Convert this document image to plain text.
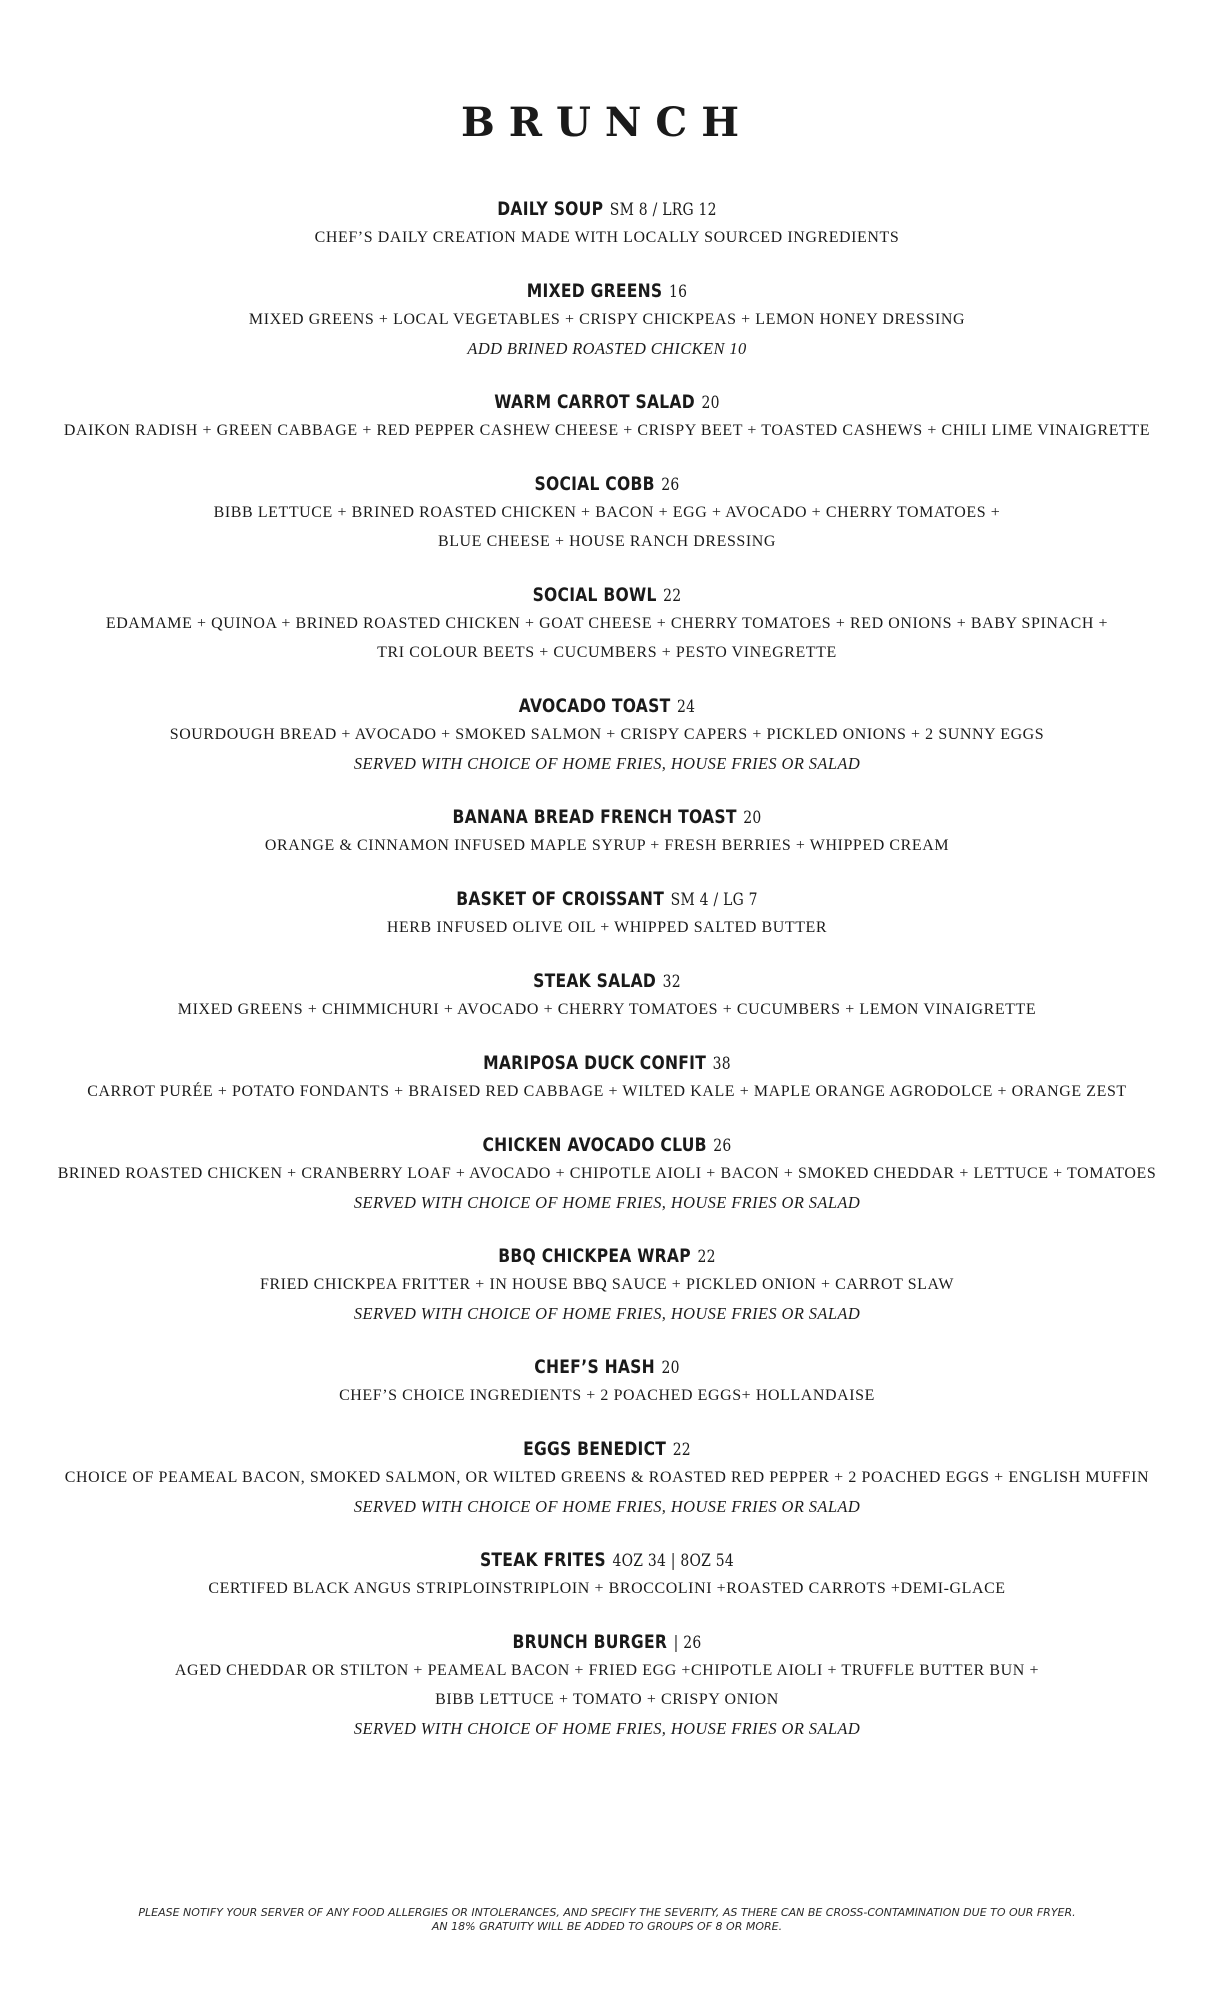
BRUNCH
DAILY SOUP SM 8 / LRG 12
CHEF’S DAILY CREATION MADE WITH LOCALLY SOURCED INGREDIENTS
MIXED GREENS 16
MIXED GREENS + LOCAL VEGETABLES + CRISPY CHICKPEAS + LEMON HONEY DRESSING
ADD BRINED ROASTED CHICKEN 10
WARM CARROT SALAD 20
DAIKON RADISH + GREEN CABBAGE + RED PEPPER CASHEW CHEESE + CRISPY BEET + TOASTED CASHEWS + CHILI LIME VINAIGRETTE
SOCIAL COBB 26
BIBB LETTUCE + BRINED ROASTED CHICKEN + BACON + EGG + AVOCADO + CHERRY TOMATOES +
BLUE CHEESE + HOUSE RANCH DRESSING
SOCIAL BOWL 22
EDAMAME + QUINOA + BRINED ROASTED CHICKEN + GOAT CHEESE + CHERRY TOMATOES + RED ONIONS + BABY SPINACH +
TRI COLOUR BEETS + CUCUMBERS + PESTO VINEGRETTE
AVOCADO TOAST 24
SOURDOUGH BREAD + AVOCADO + SMOKED SALMON + CRISPY CAPERS + PICKLED ONIONS + 2 SUNNY EGGS
SERVED WITH CHOICE OF HOME FRIES, HOUSE FRIES OR SALAD
BANANA BREAD FRENCH TOAST 20
ORANGE & CINNAMON INFUSED MAPLE SYRUP + FRESH BERRIES + WHIPPED CREAM
BASKET OF CROISSANT SM 4 / LG 7
HERB INFUSED OLIVE OIL + WHIPPED SALTED BUTTER
STEAK SALAD 32
MIXED GREENS + CHIMMICHURI + AVOCADO + CHERRY TOMATOES + CUCUMBERS + LEMON VINAIGRETTE
MARIPOSA DUCK CONFIT 38
CARROT PURÉE + POTATO FONDANTS + BRAISED RED CABBAGE + WILTED KALE + MAPLE ORANGE AGRODOLCE + ORANGE ZEST
CHICKEN AVOCADO CLUB 26
BRINED ROASTED CHICKEN + CRANBERRY LOAF + AVOCADO + CHIPOTLE AIOLI + BACON + SMOKED CHEDDAR + LETTUCE + TOMATOES
SERVED WITH CHOICE OF HOME FRIES, HOUSE FRIES OR SALAD
BBQ CHICKPEA WRAP 22
FRIED CHICKPEA FRITTER + IN HOUSE BBQ SAUCE + PICKLED ONION + CARROT SLAW
SERVED WITH CHOICE OF HOME FRIES, HOUSE FRIES OR SALAD
CHEF’S HASH 20
CHEF’S CHOICE INGREDIENTS + 2 POACHED EGGS+ HOLLANDAISE
EGGS BENEDICT 22
CHOICE OF PEAMEAL BACON, SMOKED SALMON, OR WILTED GREENS & ROASTED RED PEPPER + 2 POACHED EGGS + ENGLISH MUFFIN
SERVED WITH CHOICE OF HOME FRIES, HOUSE FRIES OR SALAD
STEAK FRITES 4OZ 34 | 8OZ 54
CERTIFED BLACK ANGUS STRIPLOINSTRIPLOIN + BROCCOLINI +ROASTED CARROTS +DEMI-GLACE
BRUNCH BURGER | 26
AGED CHEDDAR OR STILTON + PEAMEAL BACON + FRIED EGG +CHIPOTLE AIOLI + TRUFFLE BUTTER BUN +
BIBB LETTUCE + TOMATO + CRISPY ONION
SERVED WITH CHOICE OF HOME FRIES, HOUSE FRIES OR SALAD
PLEASE NOTIFY YOUR SERVER OF ANY FOOD ALLERGIES OR INTOLERANCES, AND SPECIFY THE SEVERITY, AS THERE CAN BE CROSS-CONTAMINATION DUE TO OUR FRYER.
AN 18% GRATUITY WILL BE ADDED TO GROUPS OF 8 OR MORE.
